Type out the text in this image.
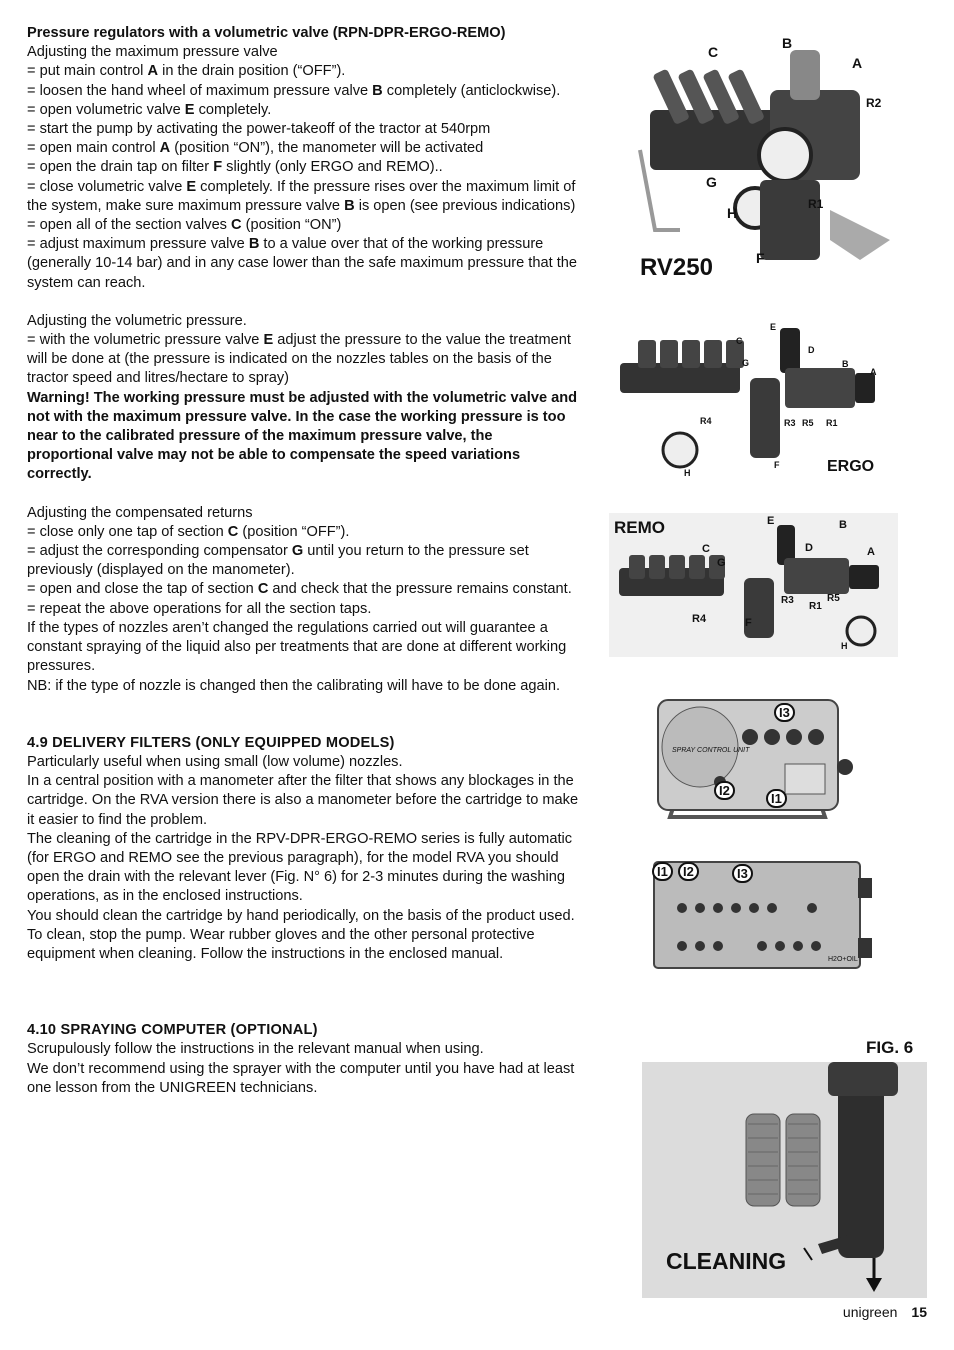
Pressure regulators with a volumetric valve (RPN-DPR-ERGO-REMO)

Adjusting the maximum pressure valve

= put main control A in the drain position (“OFF”).

= loosen the hand wheel of maximum pressure valve B completely (anticlockwise).

= open volumetric valve E completely.

= start the pump by activating the power-takeoff of the tractor at 540rpm

= open main control A (position “ON”), the manometer will be activated

= open the drain tap on filter F slightly (only ERGO and REMO)..

= close volumetric valve E completely. If the pressure rises over the maximum limit of the system, make sure maximum pressure valve B is open (see previous indications)

= open all of the section valves C (position “ON”)

= adjust maximum pressure valve B to a value over that of the working pressure (generally 10-14 bar) and in any case lower than the safe maximum pressure that the system can reach.

Adjusting the volumetric pressure.

= with the volumetric pressure valve E adjust the pressure to the value the treatment will be done at (the pressure is indicated on the nozzles tables on the basis of the tractor speed and litres/hectare to spray)

Warning! The working pressure must be adjusted with the volumetric valve and not with the maximum pressure valve. In the case the working pressure is too near to the calibrated pressure of the maximum pressure valve, the proportional valve may not be able to compensate the speed variations correctly.

Adjusting the compensated returns

= close only one tap of section C (position “OFF”).

= adjust the corresponding compensator G until you return to the pressure set previously (displayed on the manometer).

= open and close the tap of section C and check that the pressure remains constant.

= repeat the above operations for all the section taps.

If the types of nozzles aren’t changed the regulations carried out will guarantee a constant spraying of the liquid also per treatments that are done at different working pressures.

NB: if the type of nozzle is changed then the calibrating will have to be done again.

4.9 DELIVERY FILTERS (ONLY EQUIPPED MODELS)

Particularly useful when using small (low volume) nozzles.

In a central position with a manometer after the filter that shows any blockages in the cartridge. On the RVA version there is also a manometer before the cartridge to make it easier to find the problem.

The cleaning of the cartridge in the RPV-DPR-ERGO-REMO series is fully automatic (for ERGO and REMO see the previous paragraph), for the model RVA you should open the drain with the relevant lever (Fig. N° 6) for 2-3 minutes during the washing operations, as in the enclosed instructions.

You should clean the cartridge by hand periodically, on the basis of the product used. To clean, stop the pump. Wear rubber gloves and the other personal protective equipment when cleaning. Follow the instructions in the enclosed manual.

4.10 SPRAYING COMPUTER (OPTIONAL)

Scrupulously follow the instructions in the relevant manual when using.

We don’t recommend using the sprayer with the computer until you have had at least one lesson from the UNIGREEN technicians.

C
B
A
R2
G
H
R1
F
RV250
E
C
D
G	B
A
R4	R3 R5 R1
H
F	ERGO
REMO	E	B
C	D	A
G
R3	R5
R1
R4	F
H
SPRAY CONTROL UNIT
I3
I2
I1
I1	I2	I3
H2O+OIL
FIG. 6
CLEANING
unigreen 15
